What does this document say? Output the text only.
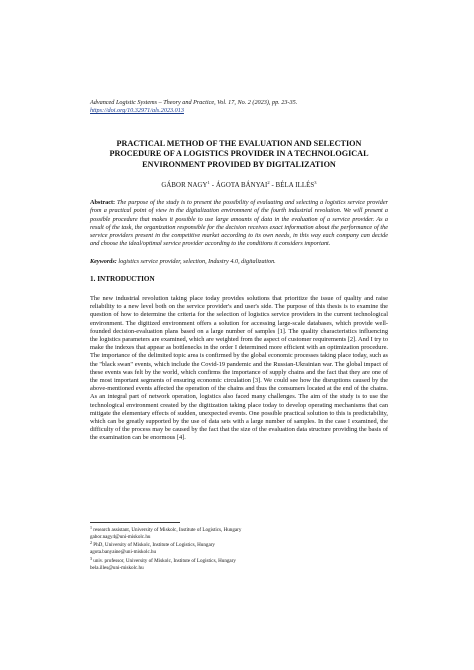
Advanced Logistic Systems – Theory and Practice, Vol. 17, No. 2 (2023), pp. 23-35.
https://doi.org/10.32971/als.2023.013
PRACTICAL METHOD OF THE EVALUATION AND SELECTION PROCEDURE OF A LOGISTICS PROVIDER IN A TECHNOLOGICAL ENVIRONMENT PROVIDED BY DIGITALIZATION
GÁBOR NAGY$^1$ - ÁGOTA BÁNYAI$^2$ - BÉLA ILLÉS$^3$
Abstract: The purpose of the study is to present the possibility of evaluating and selecting a logistics service provider from a practical point of view in the digitalization environment of the fourth industrial revolution. We will present a possible procedure that makes it possible to use large amounts of data in the evaluation of a service provider. As a result of the task, the organization responsible for the decision receives exact information about the performance of the service providers present in the competitive market according to its own needs, in this way each company can decide and choose the ideal/optimal service provider according to the conditions it considers important.
Keywords: logistics service provider, selection, Industry 4.0, digitalization.
1. INTRODUCTION
The new industrial revolution taking place today provides solutions that prioritize the issue of quality and raise reliability to a new level both on the service provider's and user's side. The purpose of this thesis is to examine the question of how to determine the criteria for the selection of logistics service providers in the current technological environment. The digitized environment offers a solution for accessing large-scale databases, which provide well-founded decision-evaluation plans based on a large number of samples [1]. The quality characteristics influencing the logistics parameters are examined, which are weighted from the aspect of customer requirements [2]. And I try to make the indexes that appear as bottlenecks in the order I determined more efficient with an optimization procedure. The importance of the delimited topic area is confirmed by the global economic processes taking place today, such as the "black swan" events, which include the Covid-19 pandemic and the Russian-Ukrainian war. The global impact of these events was felt by the world, which confirms the importance of supply chains and the fact that they are one of the most important segments of ensuring economic circulation [3]. We could see how the disruptions caused by the above-mentioned events affected the operation of the chains and thus the consumers located at the end of the chains. As an integral part of network operation, logistics also faced many challenges. The aim of the study is to use the technological environment created by the digitization taking place today to develop operating mechanisms that can mitigate the elementary effects of sudden, unexpected events. One possible practical solution to this is predictability, which can be greatly supported by the use of data sets with a large number of samples. In the case I examined, the difficulty of the process may be caused by the fact that the size of the evaluation data structure providing the basis of the examination can be enormous [4].
$^1$ research assistant, University of Miskolc, Institute of Logistics, Hungary
gabor.nagy4@uni-miskolc.hu
$^2$ PhD, University of Miskolc, Institute of Logistics, Hungary
agota.banyaine@uni-miskolc.hu
$^3$ univ. professor, University of Miskolc, Institute of Logistics, Hungary
bela.illes@uni-miskolc.hu
